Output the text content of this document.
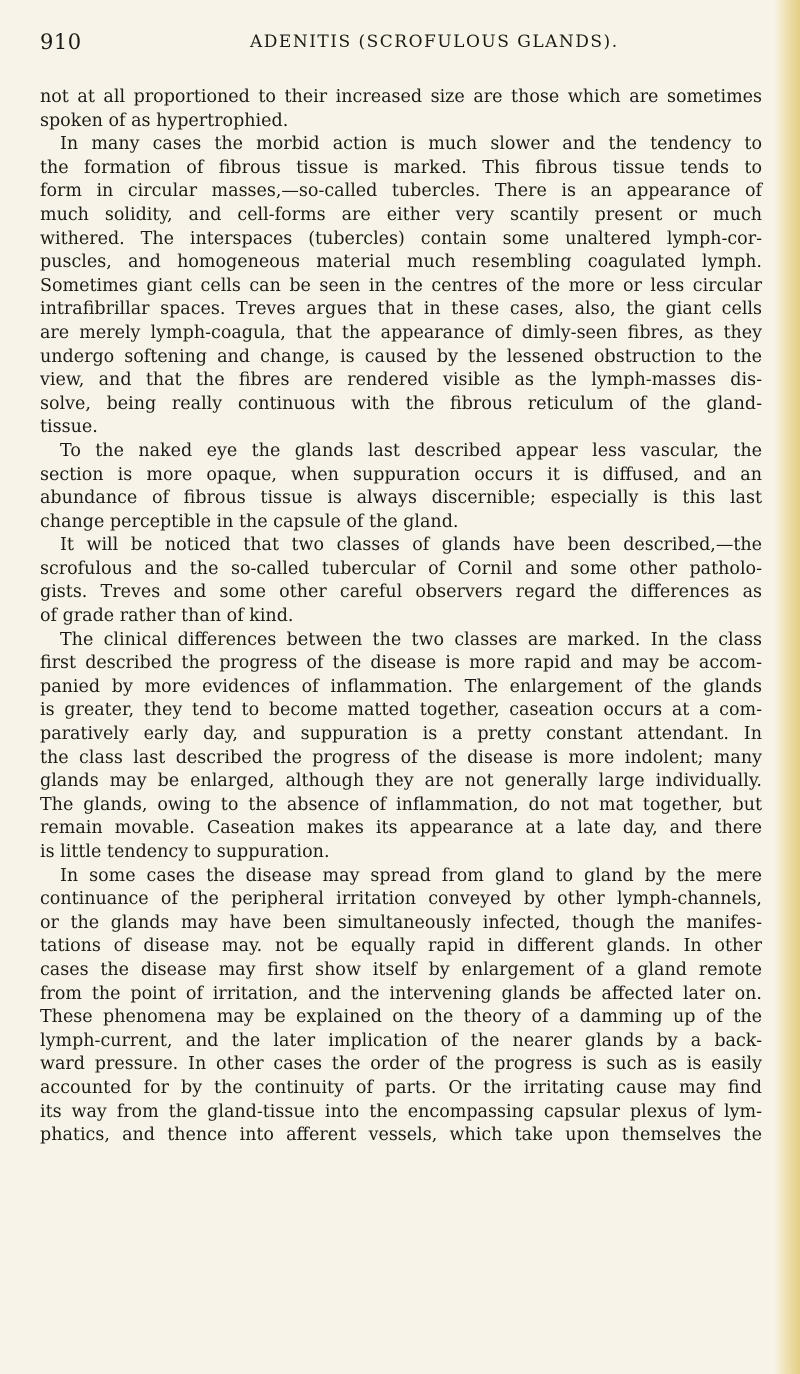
910	ADENITIS (SCROFULOUS GLANDS).
not at all proportioned to their increased size are those which are sometimes
spoken of as hypertrophied.
In many cases the morbid action is much slower and the tendency to
the formation of fibrous tissue is marked. This fibrous tissue tends to
form in circular masses,—so-called tubercles. There is an appearance of
much solidity, and cell-forms are either very scantily present or much
withered. The interspaces (tubercles) contain some unaltered lymph-cor-
puscles, and homogeneous material much resembling coagulated lymph.
Sometimes giant cells can be seen in the centres of the more or less circular
intrafibrillar spaces. Treves argues that in these cases, also, the giant cells
are merely lymph-coagula, that the appearance of dimly-seen fibres, as they
undergo softening and change, is caused by the lessened obstruction to the
view, and that the fibres are rendered visible as the lymph-masses dis-
solve, being really continuous with the fibrous reticulum of the gland-
tissue.
To the naked eye the glands last described appear less vascular, the
section is more opaque, when suppuration occurs it is diffused, and an
abundance of fibrous tissue is always discernible; especially is this last
change perceptible in the capsule of the gland.
It will be noticed that two classes of glands have been described,—the
scrofulous and the so-called tubercular of Cornil and some other patholo-
gists. Treves and some other careful observers regard the differences as
of grade rather than of kind.
The clinical differences between the two classes are marked. In the class
first described the progress of the disease is more rapid and may be accom-
panied by more evidences of inflammation. The enlargement of the glands
is greater, they tend to become matted together, caseation occurs at a com-
paratively early day, and suppuration is a pretty constant attendant. In
the class last described the progress of the disease is more indolent; many
glands may be enlarged, although they are not generally large individually.
The glands, owing to the absence of inflammation, do not mat together, but
remain movable. Caseation makes its appearance at a late day, and there
is little tendency to suppuration.
In some cases the disease may spread from gland to gland by the mere
continuance of the peripheral irritation conveyed by other lymph-channels,
or the glands may have been simultaneously infected, though the manifes-
tations of disease may. not be equally rapid in different glands. In other
cases the disease may first show itself by enlargement of a gland remote
from the point of irritation, and the intervening glands be affected later on.
These phenomena may be explained on the theory of a damming up of the
lymph-current, and the later implication of the nearer glands by a back-
ward pressure. In other cases the order of the progress is such as is easily
accounted for by the continuity of parts. Or the irritating cause may find
its way from the gland-tissue into the encompassing capsular plexus of lym-
phatics, and thence into afferent vessels, which take upon themselves the
